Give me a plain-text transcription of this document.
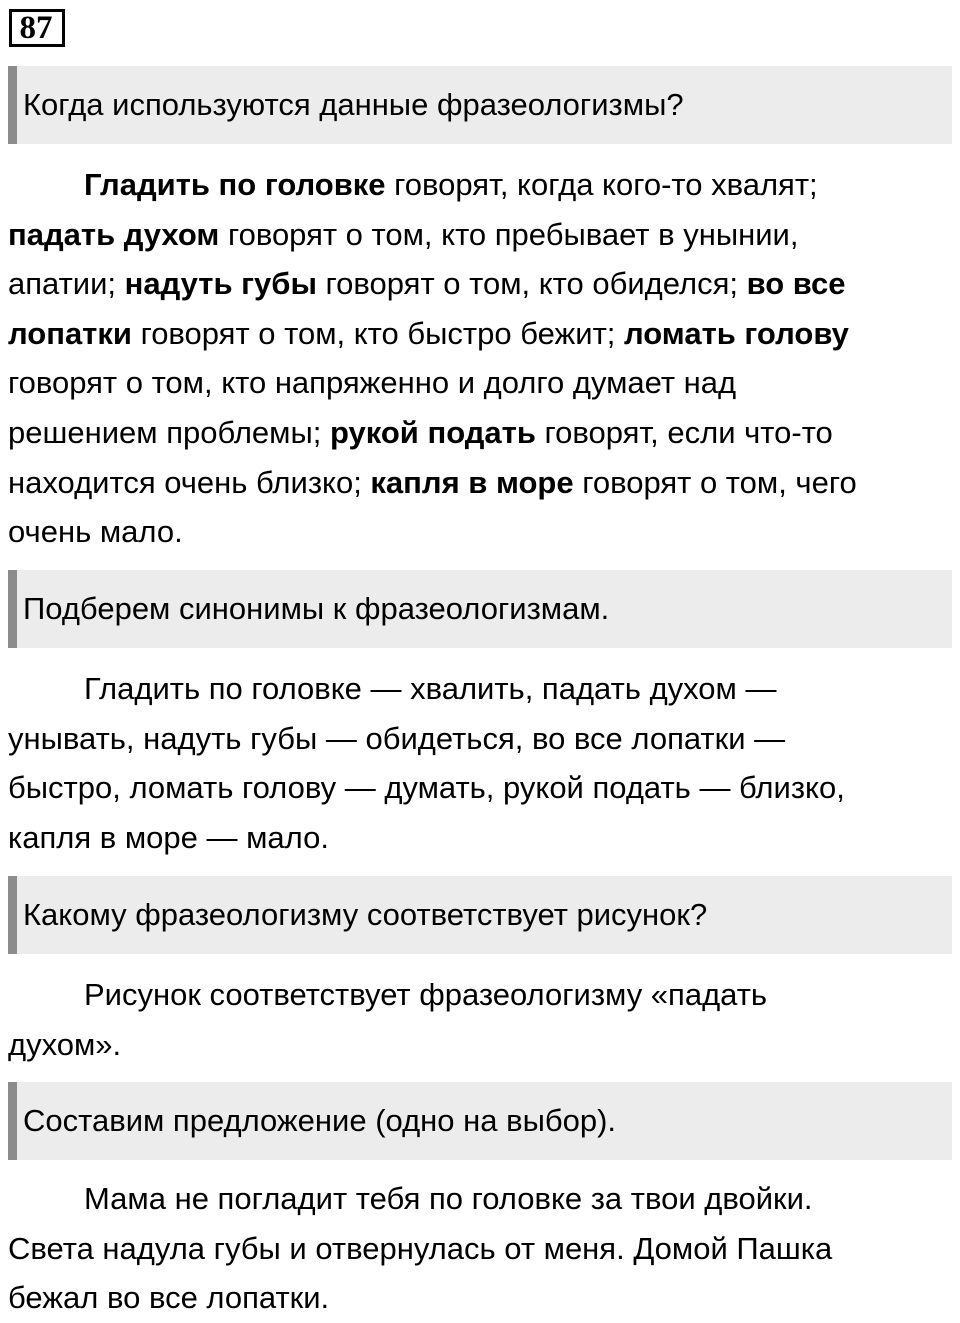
87
Когда используются данные фразеологизмы?
Гладить по головке говорят, когда кого-то хвалят;
падать духом говорят о том, кто пребывает в унынии,
апатии; надуть губы говорят о том, кто обиделся; во все
лопатки говорят о том, кто быстро бежит; ломать голову
говорят о том, кто напряженно и долго думает над
решением проблемы; рукой подать говорят, если что-то
находится очень близко; капля в море говорят о том, чего
очень мало.
Подберем синонимы к фразеологизмам.
Гладить по головке — хвалить, падать духом —
унывать, надуть губы — обидеться, во все лопатки —
быстро, ломать голову — думать, рукой подать — близко,
капля в море — мало.
Какому фразеологизму соответствует рисунок?
Рисунок соответствует фразеологизму «падать
духом».
Составим предложение (одно на выбор).
Мама не погладит тебя по головке за твои двойки.
Света надула губы и отвернулась от меня. Домой Пашка
бежал во все лопатки.
